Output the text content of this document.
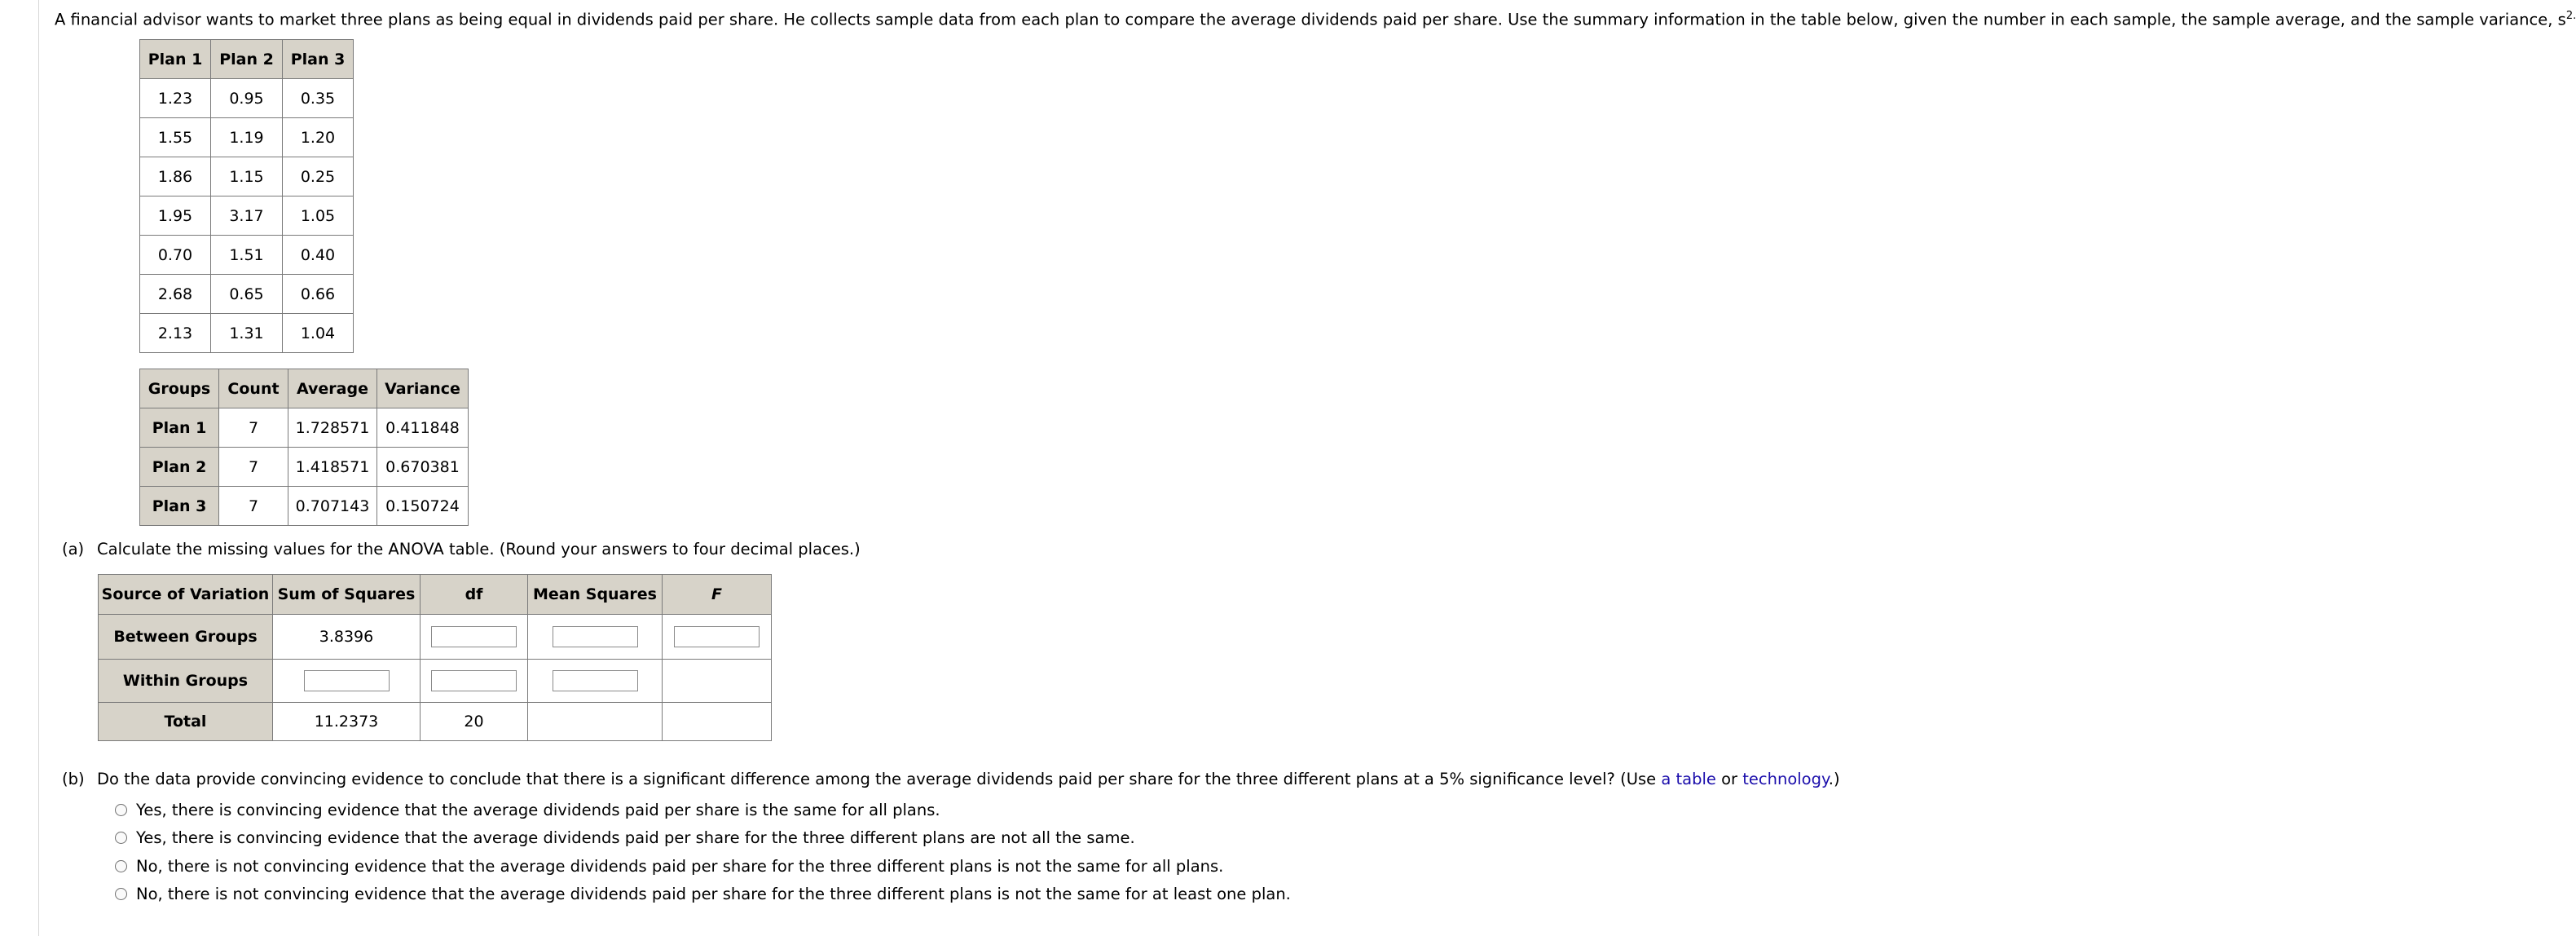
A financial advisor wants to market three plans as being equal in dividends paid per share. He collects sample data from each plan to compare the average dividends paid per share. Use the summary information in the table below, given the number in each sample, the sample average, and the sample variance, $s^{2.}$
Plan 1	Plan 2	Plan 3
1.23	0.95	0.35
1.55	1.19	1.20
1.86	1.15	0.25
1.95	3.17	1.05
0.70	1.51	0.40
2.68	0.65	0.66
2.13	1.31	1.04
Groups	Count	Average	Variance
Plan 1	7	1.728571	0.411848
Plan 2	7	1.418571	0.670381
Plan 3	7	0.707143	0.150724
(a) Calculate the missing values for the ANOVA table. (Round your answers to four decimal places.)
Source of Variation	Sum of Squares	df	Mean Squares	F
Between Groups	3.8396			
Within Groups				
Total	11.2373	20		
(b) Do the data provide convincing evidence to conclude that there is a significant difference among the average dividends paid per share for the three different plans at a 5% significance level? (Use a table or technology.)
Yes, there is convincing evidence that the average dividends paid per share is the same for all plans.
Yes, there is convincing evidence that the average dividends paid per share for the three different plans are not all the same.
No, there is not convincing evidence that the average dividends paid per share for the three different plans is not the same for all plans.
No, there is not convincing evidence that the average dividends paid per share for the three different plans is not the same for at least one plan.
